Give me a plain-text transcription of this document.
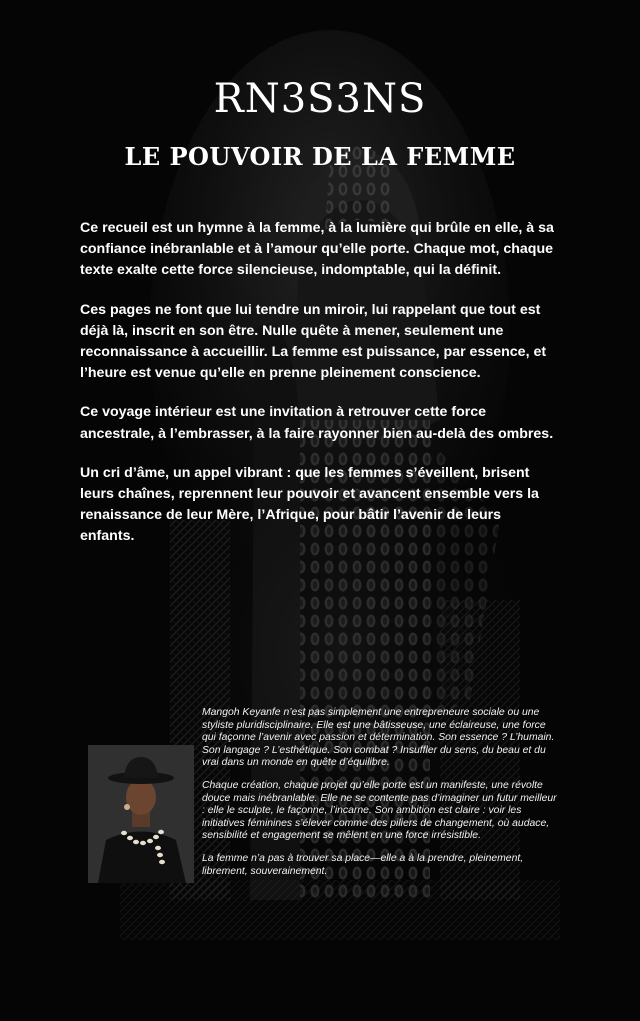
RN3S3NS
LE POUVOIR DE LA FEMME

Ce recueil est un hymne à la femme, à la lumière qui brûle en elle, à sa confiance inébranlable et à l’amour qu’elle porte. Chaque mot, chaque texte exalte cette force silencieuse, indomptable, qui la définit.

Ces pages ne font que lui tendre un miroir, lui rappelant que tout est déjà là, inscrit en son être. Nulle quête à mener, seulement une reconnaissance à accueillir. La femme est puissance, par essence, et l’heure est venue qu’elle en prenne pleinement conscience.

Ce voyage intérieur est une invitation à retrouver cette force ancestrale, à l’embrasser, à la faire rayonner bien au-delà des ombres.

Un cri d’âme, un appel vibrant : que les femmes s’éveillent, brisent leurs chaînes, reprennent leur pouvoir et avancent ensemble vers la renaissance de leur Mère, l’Afrique, pour bâtir l’avenir de leurs enfants.

Mangoh Keyanfe n’est pas simplement une entrepreneure sociale ou une styliste pluridisciplinaire. Elle est une bâtisseuse, une éclaireuse, une force qui façonne l’avenir avec passion et détermination. Son essence ? L’humain. Son langage ? L’esthétique. Son combat ? Insuffler du sens, du beau et du vrai dans un monde en quête d’équilibre.

Chaque création, chaque projet qu’elle porte est un manifeste, une révolte douce mais inébranlable. Elle ne se contente pas d’imaginer un futur meilleur : elle le sculpte, le façonne, l’incarne. Son ambition est claire : voir les initiatives féminines s’élever comme des piliers de changement, où audace, sensibilité et engagement se mêlent en une force irrésistible.

La femme n’a pas à trouver sa place—elle a à la prendre, pleinement, librement, souverainement.
